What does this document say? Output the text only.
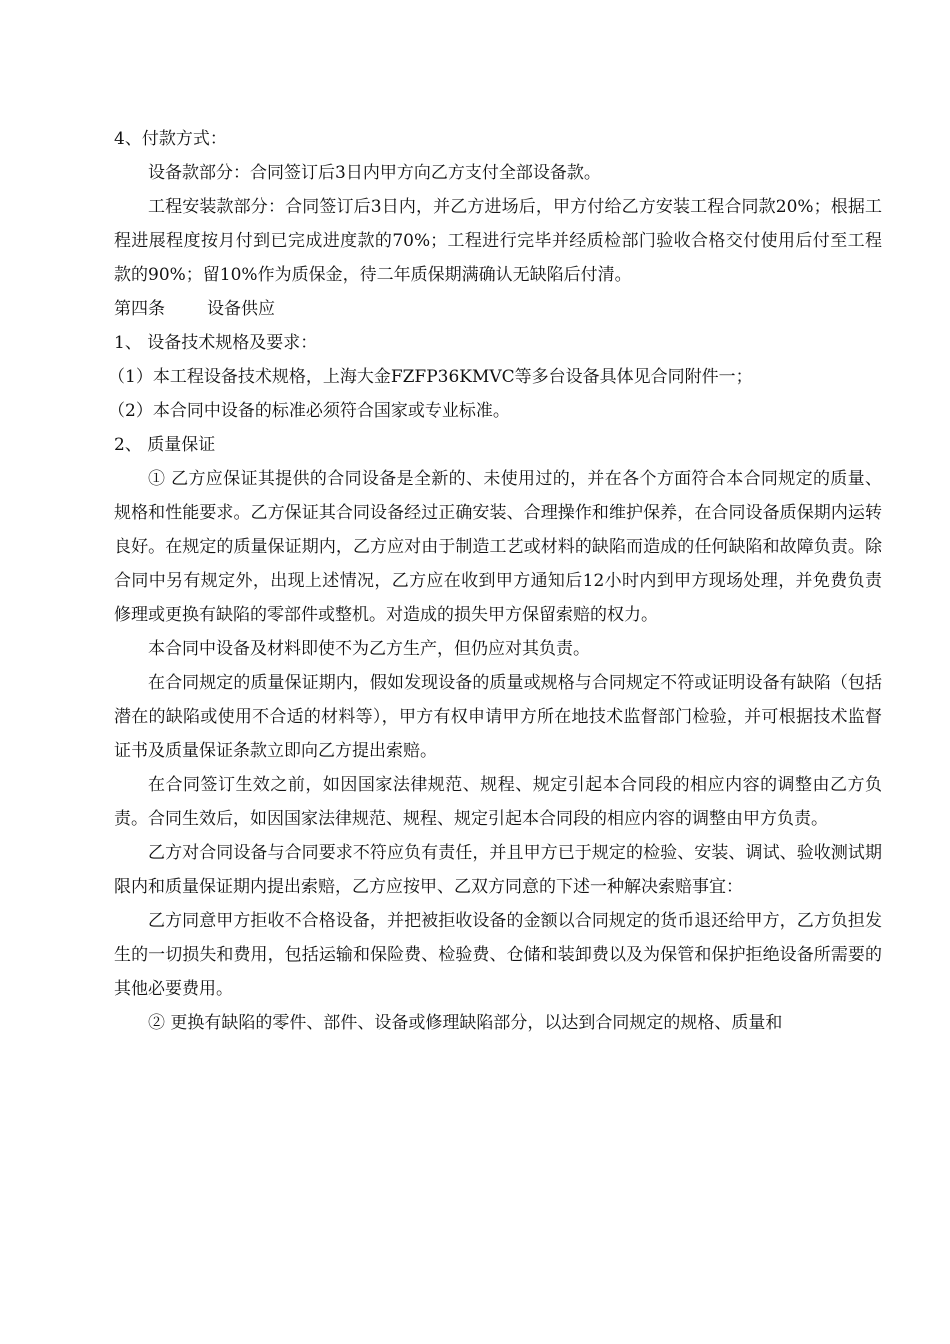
4、付款方式：

设备款部分：合同签订后3日内甲方向乙方支付全部设备款。

工程安装款部分：合同签订后3日内，并乙方进场后，甲方付给乙方安装工程合同款20%；根据工程进展程度按月付到已完成进度款的70%；工程进行完毕并经质检部门验收合格交付使用后付至工程款的90%；留10%作为质保金，待二年质保期满确认无缺陷后付清。

第四条 设备供应
1、 设备技术规格及要求：
（1）本工程设备技术规格，上海大金FZFP36KMVC等多台设备具体见合同附件一；
（2）本合同中设备的标准必须符合国家或专业标准。
2、 质量保证

① 乙方应保证其提供的合同设备是全新的、未使用过的，并在各个方面符合本合同规定的质量、规格和性能要求。乙方保证其合同设备经过正确安装、合理操作和维护保养，在合同设备质保期内运转良好。在规定的质量保证期内，乙方应对由于制造工艺或材料的缺陷而造成的任何缺陷和故障负责。除合同中另有规定外，出现上述情况，乙方应在收到甲方通知后12小时内到甲方现场处理，并免费负责修理或更换有缺陷的零部件或整机。对造成的损失甲方保留索赔的权力。

本合同中设备及材料即使不为乙方生产，但仍应对其负责。

在合同规定的质量保证期内，假如发现设备的质量或规格与合同规定不符或证明设备有缺陷（包括潜在的缺陷或使用不合适的材料等），甲方有权申请甲方所在地技术监督部门检验，并可根据技术监督证书及质量保证条款立即向乙方提出索赔。

在合同签订生效之前，如因国家法律规范、规程、规定引起本合同段的相应内容的调整由乙方负责。合同生效后，如因国家法律规范、规程、规定引起本合同段的相应内容的调整由甲方负责。

乙方对合同设备与合同要求不符应负有责任，并且甲方已于规定的检验、安装、调试、验收测试期限内和质量保证期内提出索赔，乙方应按甲、乙双方同意的下述一种解决索赔事宜：

乙方同意甲方拒收不合格设备，并把被拒收设备的金额以合同规定的货币退还给甲方，乙方负担发生的一切损失和费用，包括运输和保险费、检验费、仓储和装卸费以及为保管和保护拒绝设备所需要的其他必要费用。

② 更换有缺陷的零件、部件、设备或修理缺陷部分，以达到合同规定的规格、质量和
